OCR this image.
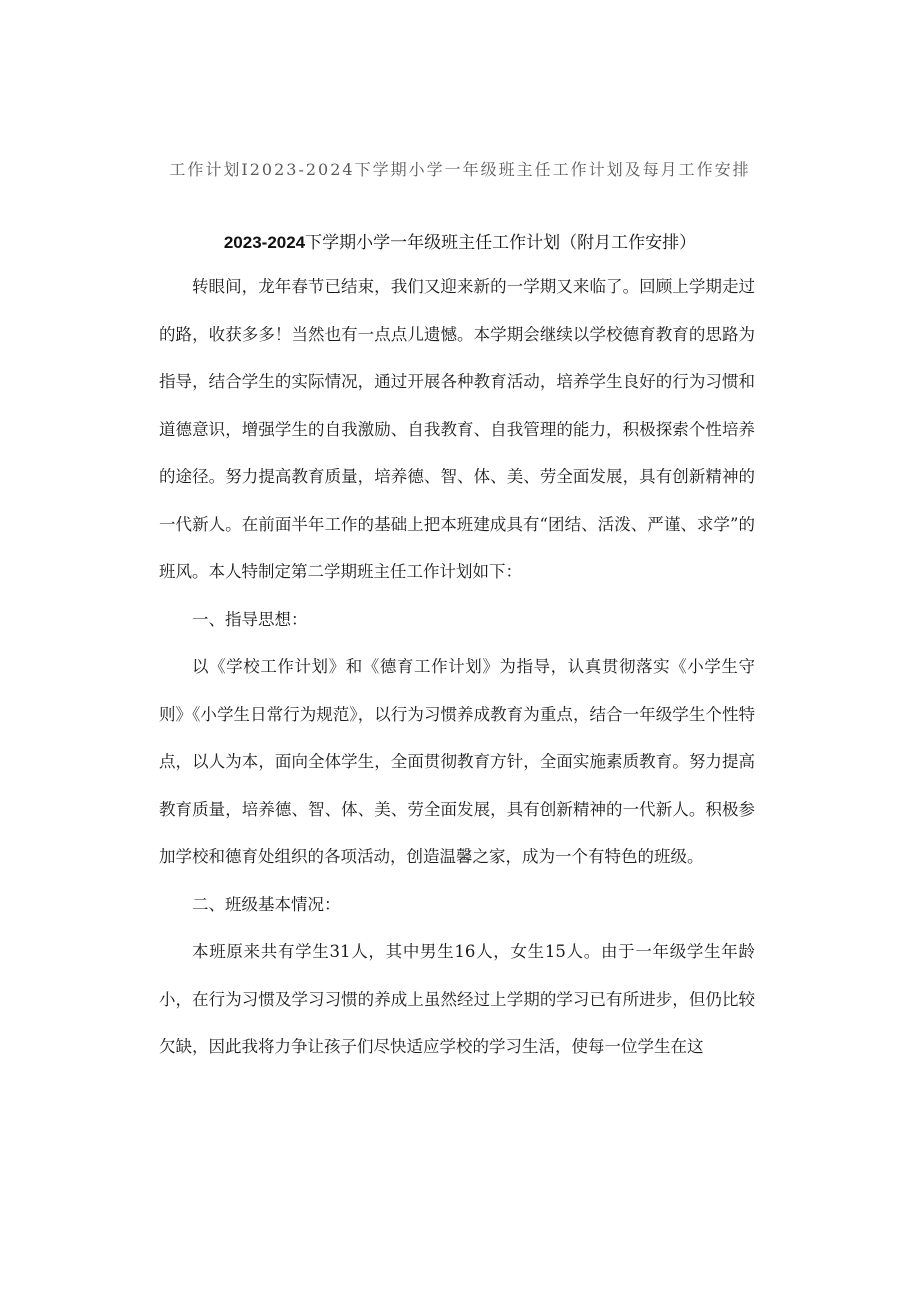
工作计划I2023-2024下学期小学一年级班主任工作计划及每月工作安排
2023-2024下学期小学一年级班主任工作计划（附月工作安排）

转眼间，龙年春节已结束，我们又迎来新的一学期又来临了。回顾上学期走过的路，收获多多！当然也有一点点儿遗憾。本学期会继续以学校德育教育的思路为指导，结合学生的实际情况，通过开展各种教育活动，培养学生良好的行为习惯和道德意识，增强学生的自我激励、自我教育、自我管理的能力，积极探索个性培养的途径。努力提高教育质量，培养德、智、体、美、劳全面发展，具有创新精神的一代新人。在前面半年工作的基础上把本班建成具有“团结、活泼、严谨、求学”的班风。本人特制定第二学期班主任工作计划如下：

一、指导思想：

以《学校工作计划》和《德育工作计划》为指导，认真贯彻落实《小学生守则》《小学生日常行为规范》，以行为习惯养成教育为重点，结合一年级学生个性特点，以人为本，面向全体学生，全面贯彻教育方针，全面实施素质教育。努力提高教育质量，培养德、智、体、美、劳全面发展，具有创新精神的一代新人。积极参加学校和德育处组织的各项活动，创造温馨之家，成为一个有特色的班级。

二、班级基本情况：

本班原来共有学生31人，其中男生16人，女生15人。由于一年级学生年龄小，在行为习惯及学习习惯的养成上虽然经过上学期的学习已有所进步，但仍比较欠缺，因此我将力争让孩子们尽快适应学校的学习生活，使每一位学生在这
